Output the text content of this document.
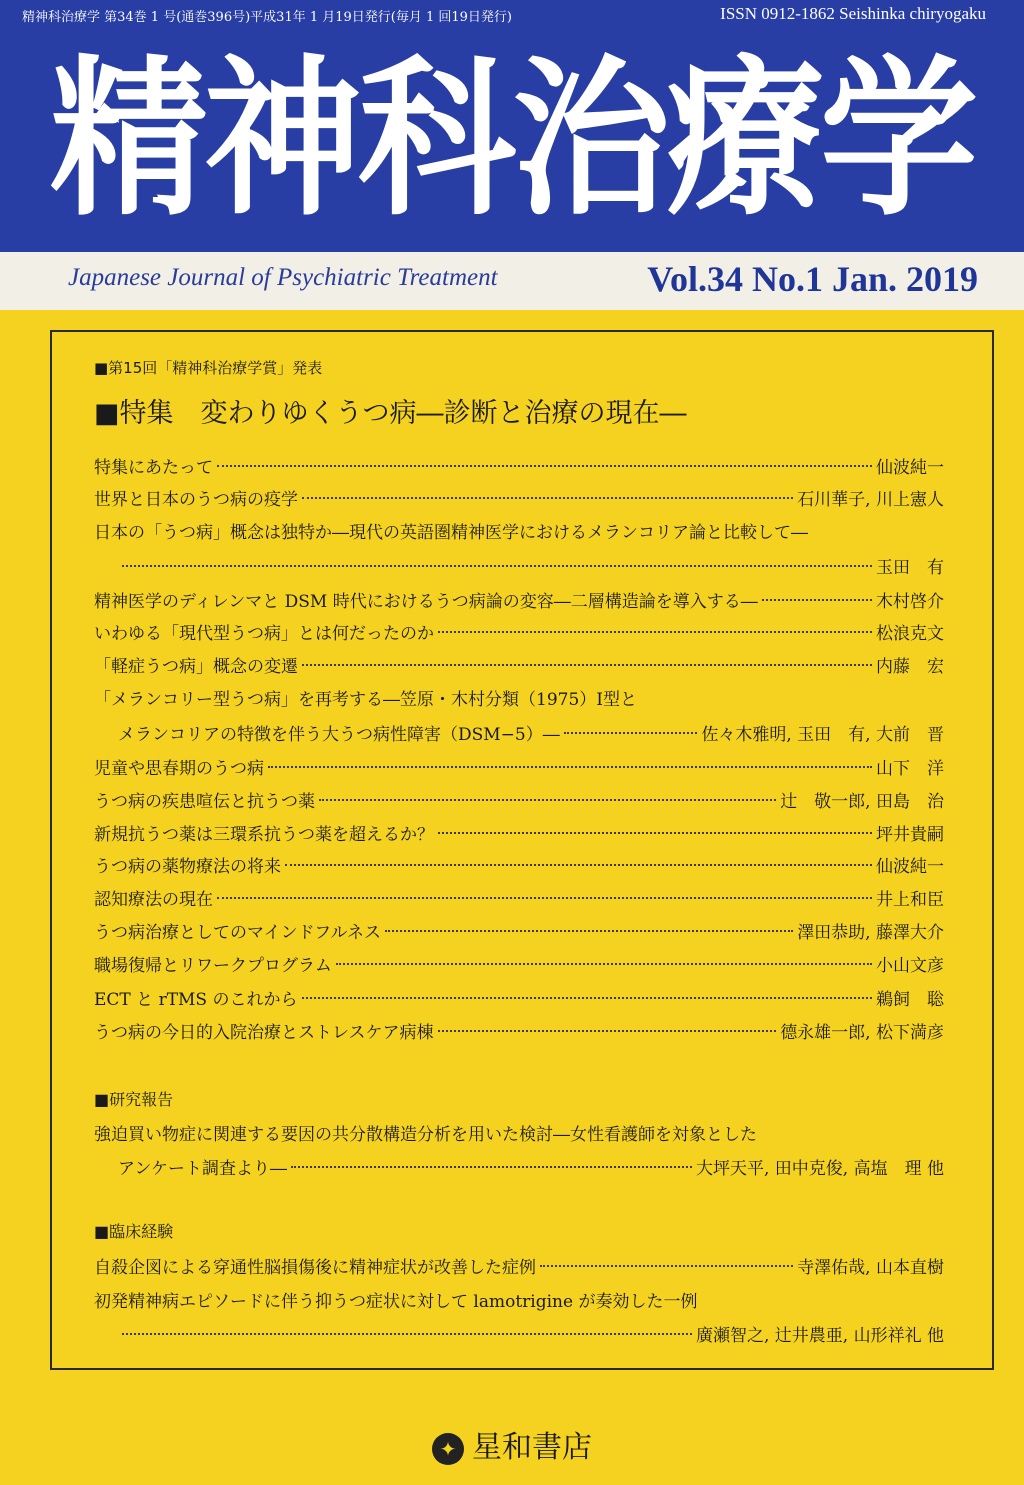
精神科治療学 第34巻 1 号(通巻396号)平成31年 1 月19日発行(毎月 1 回19日発行)	ISSN 0912-1862 Seishinka chiryogaku
精神科治療学
Japanese Journal of Psychiatric Treatment	Vol.34 No.1 Jan. 2019
■第15回「精神科治療学賞」発表
■特集　変わりゆくうつ病―診断と治療の現在―
特集にあたって	仙波純一
世界と日本のうつ病の疫学	石川華子, 川上憲人
日本の「うつ病」概念は独特か―現代の英語圏精神医学におけるメランコリア論と比較して―
玉田　有
精神医学のディレンマと DSM 時代におけるうつ病論の変容―二層構造論を導入する―	木村啓介
いわゆる「現代型うつ病」とは何だったのか	松浪克文
「軽症うつ病」概念の変遷	内藤　宏
「メランコリー型うつ病」を再考する―笠原・木村分類（1975）Ⅰ型と
メランコリアの特徴を伴う大うつ病性障害（DSM−5）―	佐々木雅明, 玉田　有, 大前　晋
児童や思春期のうつ病	山下　洋
うつ病の疾患喧伝と抗うつ薬	辻　敬一郎, 田島　治
新規抗うつ薬は三環系抗うつ薬を超えるか？	坪井貴嗣
うつ病の薬物療法の将来	仙波純一
認知療法の現在	井上和臣
うつ病治療としてのマインドフルネス	澤田恭助, 藤澤大介
職場復帰とリワークプログラム	小山文彦
ECT と rTMS のこれから	鵜飼　聡
うつ病の今日的入院治療とストレスケア病棟	德永雄一郎, 松下満彦
■研究報告
強迫買い物症に関連する要因の共分散構造分析を用いた検討―女性看護師を対象とした
アンケート調査より―	大坪天平, 田中克俊, 高塩　理 他
■臨床経験
自殺企図による穿通性脳損傷後に精神症状が改善した症例	寺澤佑哉, 山本直樹
初発精神病エピソードに伴う抑うつ症状に対して lamotrigine が奏効した一例
廣瀬智之, 辻井農亜, 山形祥礼 他
✦ 星和書店
